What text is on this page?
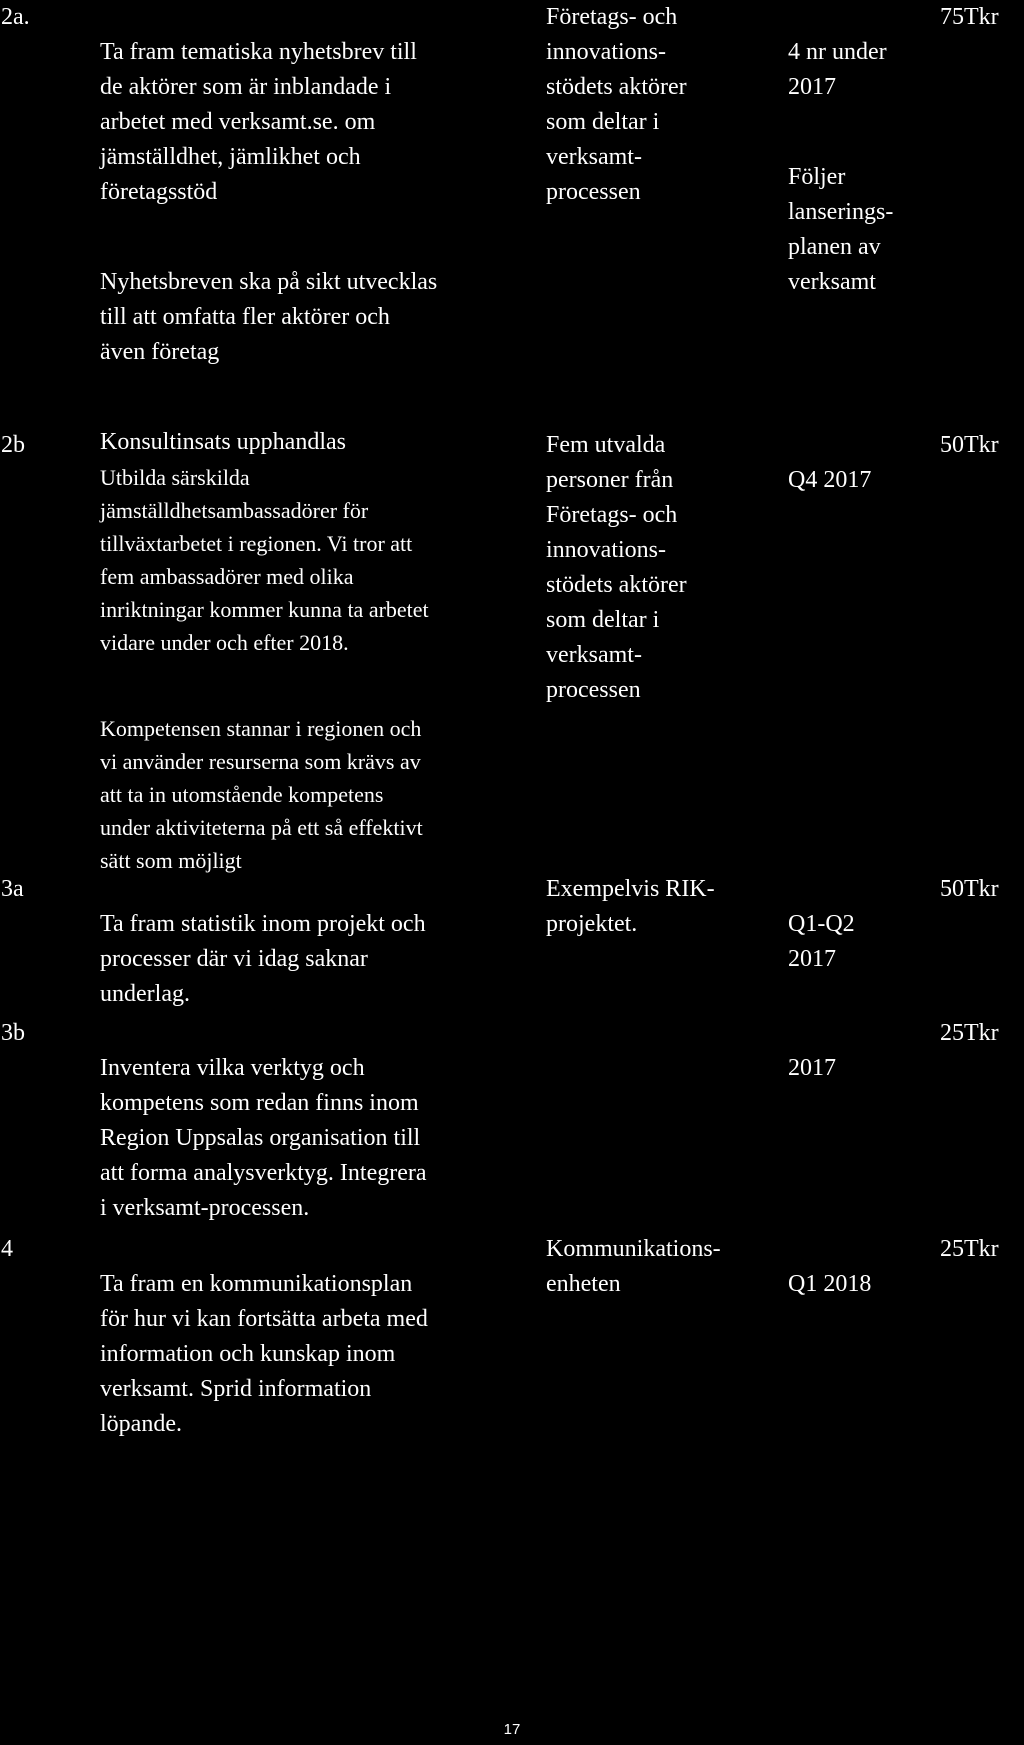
2a.

Ta fram tematiska nyhetsbrev till
de aktörer som är inblandade i
arbetet med verksamt.se. om
jämställdhet, jämlikhet och
företagsstöd

Nyhetsbreven ska på sikt utvecklas
till att omfatta fler aktörer och
även företag

Konsultinsats upphandlas

Företags- och
innovations-
stödets aktörer
som deltar i
verksamt-
processen

4 nr under
2017

Följer
lanserings-
planen av
verksamt

75Tkr
2b

Utbilda särskilda
jämställdhetsambassadörer för
tillväxtarbetet i regionen. Vi tror att
fem ambassadörer med olika
inriktningar kommer kunna ta arbetet
vidare under och efter 2018.

Kompetensen stannar i regionen och
vi använder resurserna som krävs av
att ta in utomstående kompetens
under aktiviteterna på ett så effektivt
sätt som möjligt

Fem utvalda
personer från
Företags- och
innovations-
stödets aktörer
som deltar i
verksamt-
processen

Q4 2017

50Tkr
3a

Ta fram statistik inom projekt och
processer där vi idag saknar
underlag.

Exempelvis RIK-
projektet.	Q1-Q2
2017

50Tkr
3b

Inventera vilka verktyg och
kompetens som redan finns inom
Region Uppsalas organisation till
att forma analysverktyg. Integrera
i verksamt-processen.

2017

25Tkr
4

Ta fram en kommunikationsplan
för hur vi kan fortsätta arbeta med
information och kunskap inom
verksamt. Sprid information
löpande.

Kommunikations-
enheten	Q1 2018

25Tkr
17
